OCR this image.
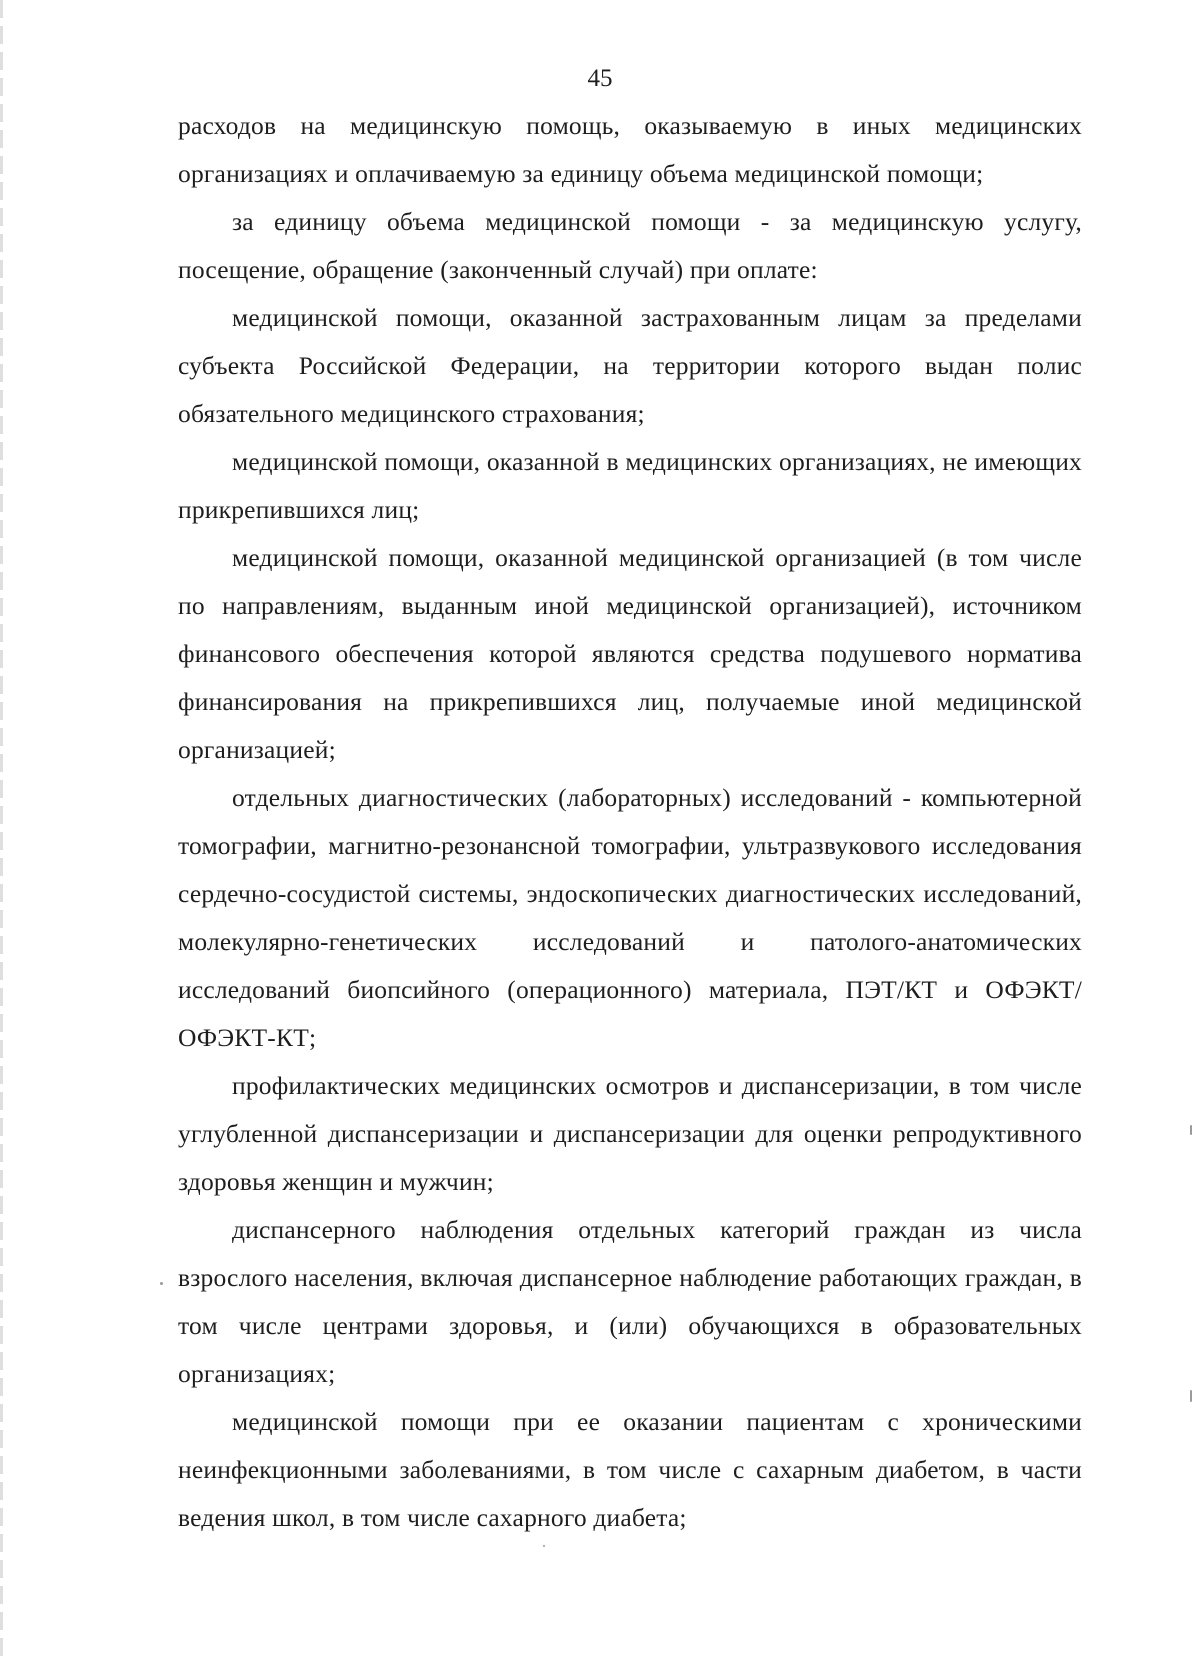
45

расходов на медицинскую помощь, оказываемую в иных медицинских организациях и оплачиваемую за единицу объема медицинской помощи;

за единицу объема медицинской помощи - за медицинскую услугу, посещение, обращение (законченный случай) при оплате:

медицинской помощи, оказанной застрахованным лицам за пределами субъекта Российской Федерации, на территории которого выдан полис обязательного медицинского страхования;

медицинской помощи, оказанной в медицинских организациях, не имеющих прикрепившихся лиц;

медицинской помощи, оказанной медицинской организацией (в том числе по направлениям, выданным иной медицинской организацией), источником финансового обеспечения которой являются средства подушевого норматива финансирования на прикрепившихся лиц, получаемые иной медицинской организацией;

отдельных диагностических (лабораторных) исследований - компьютерной томографии, магнитно-резонансной томографии, ультразвукового исследования сердечно-сосудистой системы, эндоскопических диагностических исследований, молекулярно-генетических исследований и патолого-анатомических исследований биопсийного (операционного) материала, ПЭТ/КТ и ОФЭКТ/ОФЭКТ-КТ;

профилактических медицинских осмотров и диспансеризации, в том числе углубленной диспансеризации и диспансеризации для оценки репродуктивного здоровья женщин и мужчин;

диспансерного наблюдения отдельных категорий граждан из числа взрослого населения, включая диспансерное наблюдение работающих граждан, в том числе центрами здоровья, и (или) обучающихся в образовательных организациях;

медицинской помощи при ее оказании пациентам с хроническими неинфекционными заболеваниями, в том числе с сахарным диабетом, в части ведения школ, в том числе сахарного диабета;
